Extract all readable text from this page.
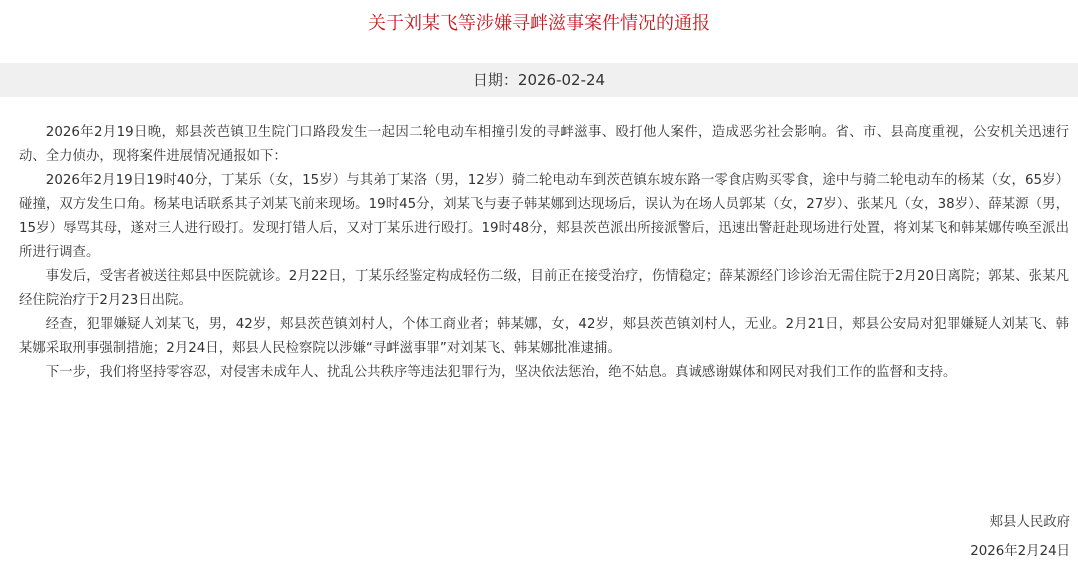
关于刘某飞等涉嫌寻衅滋事案件情况的通报
日期：2026-02-24

2026年2月19日晚，郏县茨芭镇卫生院门口路段发生一起因二轮电动车相撞引发的寻衅滋事、殴打他人案件，造成恶劣社会影响。省、市、县高度重视，公安机关迅速行动、全力侦办，现将案件进展情况通报如下：

2026年2月19日19时40分，丁某乐（女，15岁）与其弟丁某洛（男，12岁）骑二轮电动车到茨芭镇东坡东路一零食店购买零食，途中与骑二轮电动车的杨某（女，65岁）碰撞，双方发生口角。杨某电话联系其子刘某飞前来现场。19时45分，刘某飞与妻子韩某娜到达现场后，误认为在场人员郭某（女，27岁）、张某凡（女，38岁）、薛某源（男，15岁）辱骂其母，遂对三人进行殴打。发现打错人后，又对丁某乐进行殴打。19时48分，郏县茨芭派出所接派警后，迅速出警赶赴现场进行处置，将刘某飞和韩某娜传唤至派出所进行调查。

事发后，受害者被送往郏县中医院就诊。2月22日，丁某乐经鉴定构成轻伤二级，目前正在接受治疗，伤情稳定；薛某源经门诊诊治无需住院于2月20日离院；郭某、张某凡经住院治疗于2月23日出院。

经查，犯罪嫌疑人刘某飞，男，42岁，郏县茨芭镇刘村人，个体工商业者；韩某娜，女，42岁，郏县茨芭镇刘村人，无业。2月21日，郏县公安局对犯罪嫌疑人刘某飞、韩某娜采取刑事强制措施；2月24日，郏县人民检察院以涉嫌“寻衅滋事罪”对刘某飞、韩某娜批准逮捕。

下一步，我们将坚持零容忍，对侵害未成年人、扰乱公共秩序等违法犯罪行为，坚决依法惩治，绝不姑息。真诚感谢媒体和网民对我们工作的监督和支持。

郏县人民政府
2026年2月24日
